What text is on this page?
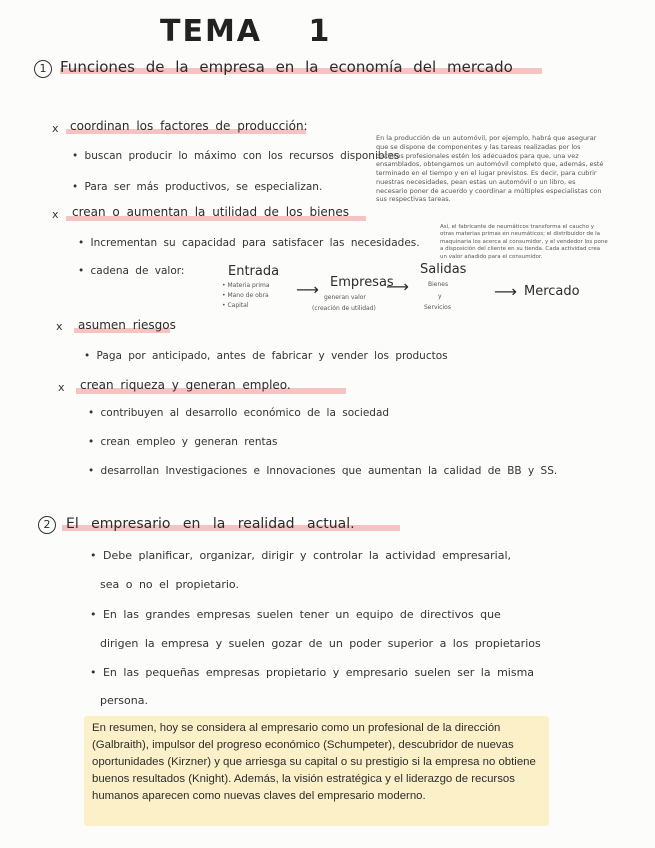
TEMA 1
1 Funciones de la empresa en la economía del mercado
x coordinan los factores de producción:
• buscan producir lo máximo con los recursos disponibles
• Para ser más productivos, se especializan.
En la producción de un automóvil, por ejemplo, habrá que asegurar que se dispone de componentes y las tareas realizadas por los distintos profesionales estén los adecuados para que, una vez ensamblados, obtengamos un automóvil completo que, además, esté terminado en el tiempo y en el lugar previstos. Es decir, para cubrir nuestras necesidades, pean estas un automóvil o un libro, es necesario poner de acuerdo y coordinar a múltiples especialistas con sus respectivas tareas.
x crean o aumentan la utilidad de los bienes
• Incrementan su capacidad para satisfacer las necesidades.
• cadena de valor:
Así, el fabricante de neumáticos transforma el caucho y otras materias primas en neumáticos; el distribuidor de la maquinaria los acerca al consumidor, y el vendedor los pone a disposición del cliente en su tienda. Cada actividad crea un valor añadido para el consumidor.
Entrada
• Materia prima
• Mano de obra
• Capital
⟶ Empresas
generan valor
(creación de utilidad)
⟶
Salidas
Bienes
y
Servicios
⟶ Mercado
x asumen riesgos
• Paga por anticipado, antes de fabricar y vender los productos
x crean riqueza y generan empleo.
• contribuyen al desarrollo económico de la sociedad
• crean empleo y generan rentas
• desarrollan Investigaciones e Innovaciones que aumentan la calidad de BB y SS.
2	El empresario en la realidad actual.
• Debe planificar, organizar, dirigir y controlar la actividad empresarial,
sea o no el propietario.
• En las grandes empresas suelen tener un equipo de directivos que
dirigen la empresa y suelen gozar de un poder superior a los propietarios
• En las pequeñas empresas propietario y empresario suelen ser la misma
persona.
En resumen, hoy se considera al empresario como un profesional de la dirección (Galbraith), impulsor del progreso económico (Schumpeter), descubridor de nuevas oportunidades (Kirzner) y que arriesga su capital o su prestigio si la empresa no obtiene buenos resultados (Knight). Además, la visión estratégica y el liderazgo de recursos humanos aparecen como nuevas claves del empresario moderno.
